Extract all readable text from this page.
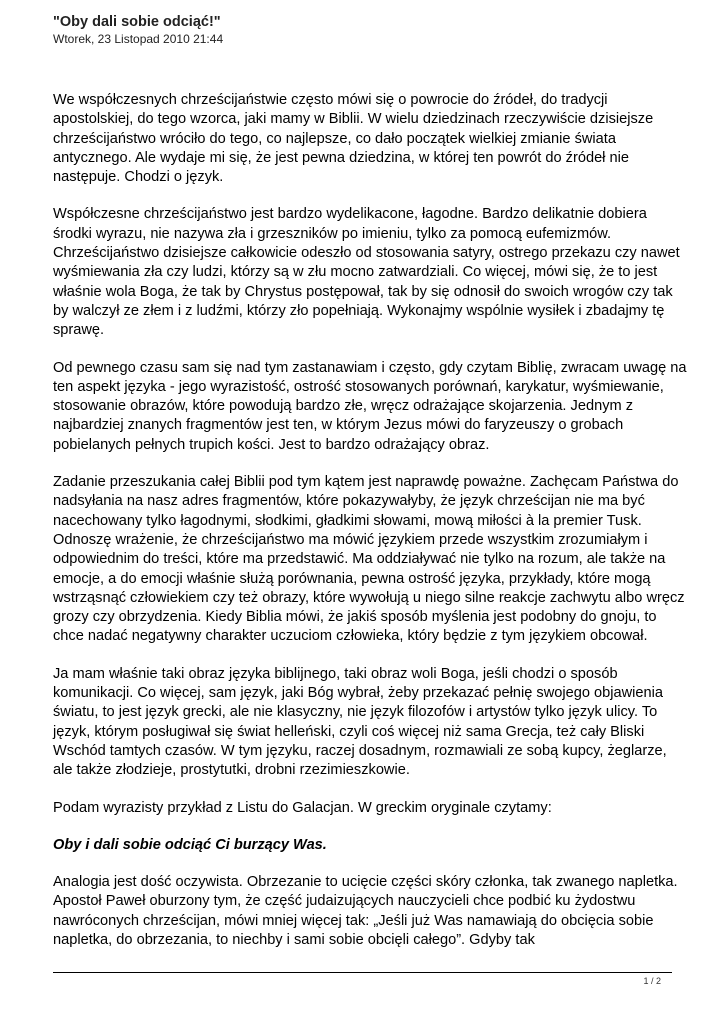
"Oby dali sobie odciąć!"

Wtorek, 23 Listopad 2010 21:44

We współczesnych chrześcijaństwie często mówi się o powrocie do źródeł, do tradycji apostolskiej, do tego wzorca, jaki mamy w Biblii. W wielu dziedzinach rzeczywiście dzisiejsze chrześcijaństwo wróciło do tego, co najlepsze, co dało początek wielkiej zmianie świata antycznego. Ale wydaje mi się, że jest pewna dziedzina, w której ten powrót do źródeł nie następuje. Chodzi o język.

Współczesne chrześcijaństwo jest bardzo wydelikacone, łagodne. Bardzo delikatnie dobiera środki wyrazu, nie nazywa zła i grzeszników po imieniu, tylko za pomocą eufemizmów. Chrześcijaństwo dzisiejsze całkowicie odeszło od stosowania satyry, ostrego przekazu czy nawet wyśmiewania zła czy ludzi, którzy są w złu mocno zatwardziali. Co więcej, mówi się, że to jest właśnie wola Boga, że tak by Chrystus postępował, tak by się odnosił do swoich wrogów czy tak by walczył ze złem i z ludźmi, którzy zło popełniają. Wykonajmy wspólnie wysiłek i zbadajmy tę sprawę.

Od pewnego czasu sam się nad tym zastanawiam i często, gdy czytam Biblię, zwracam uwagę na ten aspekt języka - jego wyrazistość, ostrość stosowanych porównań, karykatur, wyśmiewanie, stosowanie obrazów, które powodują bardzo złe, wręcz odrażające skojarzenia. Jednym z najbardziej znanych fragmentów jest ten, w którym Jezus mówi do faryzeuszy o grobach pobielanych pełnych trupich kości. Jest to bardzo odrażający obraz.

Zadanie przeszukania całej Biblii pod tym kątem jest naprawdę poważne. Zachęcam Państwa do nadsyłania na nasz adres fragmentów, które pokazywałyby, że język chrześcijan nie ma być nacechowany tylko łagodnymi, słodkimi, gładkimi słowami, mową miłości à la premier Tusk. Odnoszę wrażenie, że chrześcijaństwo ma mówić językiem przede wszystkim zrozumiałym i odpowiednim do treści, które ma przedstawić. Ma oddziaływać nie tylko na rozum, ale także na emocje, a do emocji właśnie służą porównania, pewna ostrość języka, przykłady, które mogą wstrząsnąć człowiekiem czy też obrazy, które wywołują u niego silne reakcje zachwytu albo wręcz grozy czy obrzydzenia. Kiedy Biblia mówi, że jakiś sposób myślenia jest podobny do gnoju, to chce nadać negatywny charakter uczuciom człowieka, który będzie z tym językiem obcował.

Ja mam właśnie taki obraz języka biblijnego, taki obraz woli Boga, jeśli chodzi o sposób komunikacji. Co więcej, sam język, jaki Bóg wybrał, żeby przekazać pełnię swojego objawienia światu, to jest język grecki, ale nie klasyczny, nie język filozofów i artystów tylko język ulicy. To język, którym posługiwał się świat helleński, czyli coś więcej niż sama Grecja, też cały Bliski Wschód tamtych czasów. W tym języku, raczej dosadnym, rozmawiali ze sobą kupcy, żeglarze, ale także złodzieje, prostytutki, drobni rzezimieszkowie.

Podam wyrazisty przykład z Listu do Galacjan. W greckim oryginale czytamy:

Oby i dali sobie odciąć Ci burzący Was.

Analogia jest dość oczywista. Obrzezanie to ucięcie części skóry członka, tak zwanego napletka. Apostoł Paweł oburzony tym, że część judaizujących nauczycieli chce podbić ku żydostwu nawróconych chrześcijan, mówi mniej więcej tak: „Jeśli już Was namawiają do obcięcia sobie napletka, do obrzezania, to niechby i sami sobie obcięli całego”. Gdyby tak

1 / 2
